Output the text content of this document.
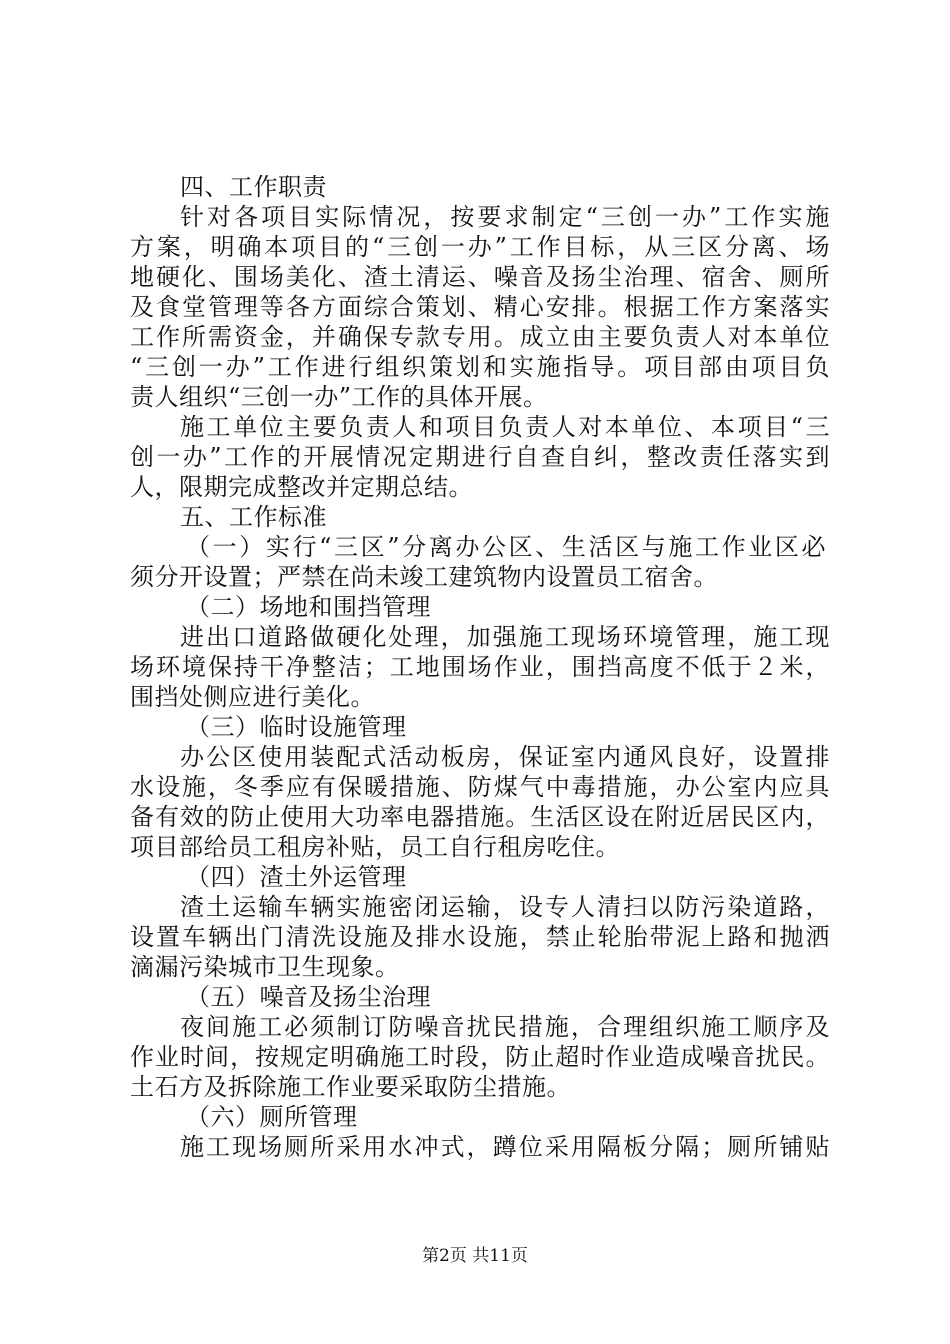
四、工作职责
针对各项目实际情况，按要求制定“三创一办”工作实施
方案，明确本项目的“三创一办”工作目标，从三区分离、场
地硬化、围场美化、渣土清运、噪音及扬尘治理、宿舍、厕所
及食堂管理等各方面综合策划、精心安排。根据工作方案落实
工作所需资金，并确保专款专用。成立由主要负责人对本单位
“三创一办”工作进行组织策划和实施指导。项目部由项目负
责人组织“三创一办”工作的具体开展。
施工单位主要负责人和项目负责人对本单位、本项目“三
创一办”工作的开展情况定期进行自查自纠，整改责任落实到
人，限期完成整改并定期总结。
五、工作标准
（一）实行“三区”分离办公区、生活区与施工作业区必
须分开设置；严禁在尚未竣工建筑物内设置员工宿舍。
（二）场地和围挡管理
进出口道路做硬化处理，加强施工现场环境管理，施工现
场环境保持干净整洁；工地围场作业，围挡高度不低于２米，
围挡处侧应进行美化。
（三）临时设施管理
办公区使用装配式活动板房，保证室内通风良好，设置排
水设施，冬季应有保暖措施、防煤气中毒措施，办公室内应具
备有效的防止使用大功率电器措施。生活区设在附近居民区内，
项目部给员工租房补贴，员工自行租房吃住。
（四）渣土外运管理
渣土运输车辆实施密闭运输，设专人清扫以防污染道路，
设置车辆出门清洗设施及排水设施，禁止轮胎带泥上路和抛洒
滴漏污染城市卫生现象。
（五）噪音及扬尘治理
夜间施工必须制订防噪音扰民措施，合理组织施工顺序及
作业时间，按规定明确施工时段，防止超时作业造成噪音扰民。
土石方及拆除施工作业要采取防尘措施。
（六）厕所管理
施工现场厕所采用水冲式，蹲位采用隔板分隔；厕所铺贴
第2页 共11页
